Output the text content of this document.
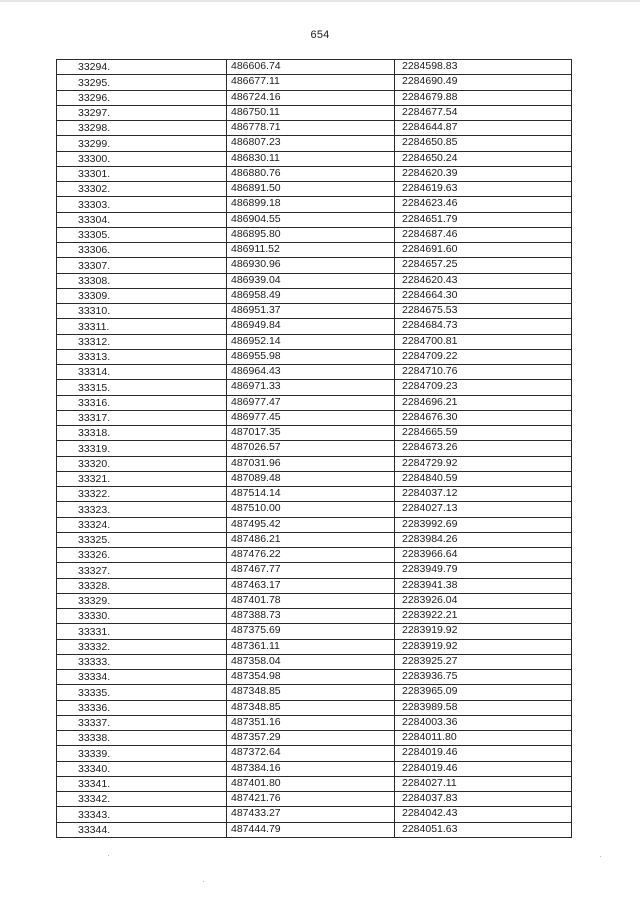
654
33294.	486606.74	2284598.83
33295.	486677.11	2284690.49
33296.	486724.16	2284679.88
33297.	486750.11	2284677.54
33298.	486778.71	2284644.87
33299.	486807.23	2284650.85
33300.	486830.11	2284650.24
33301.	486880.76	2284620.39
33302.	486891.50	2284619.63
33303.	486899.18	2284623.46
33304.	486904.55	2284651.79
33305.	486895.80	2284687.46
33306.	486911.52	2284691.60
33307.	486930.96	2284657.25
33308.	486939.04	2284620.43
33309.	486958.49	2284664.30
33310.	486951.37	2284675.53
33311.	486949.84	2284684.73
33312.	486952.14	2284700.81
33313.	486955.98	2284709.22
33314.	486964.43	2284710.76
33315.	486971.33	2284709.23
33316.	486977.47	2284696.21
33317.	486977.45	2284676.30
33318.	487017.35	2284665.59
33319.	487026.57	2284673.26
33320.	487031.96	2284729.92
33321.	487089.48	2284840.59
33322.	487514.14	2284037.12
33323.	487510.00	2284027.13
33324.	487495.42	2283992.69
33325.	487486.21	2283984.26
33326.	487476.22	2283966.64
33327.	487467.77	2283949.79
33328.	487463.17	2283941.38
33329.	487401.78	2283926.04
33330.	487388.73	2283922.21
33331.	487375.69	2283919.92
33332.	487361.11	2283919.92
33333.	487358.04	2283925.27
33334.	487354.98	2283936.75
33335.	487348.85	2283965.09
33336.	487348.85	2283989.58
33337.	487351.16	2284003.36
33338.	487357.29	2284011.80
33339.	487372.64	2284019.46
33340.	487384.16	2284019.46
33341.	487401.80	2284027.11
33342.	487421.76	2284037.83
33343.	487433.27	2284042.43
33344.	487444.79	2284051.63
